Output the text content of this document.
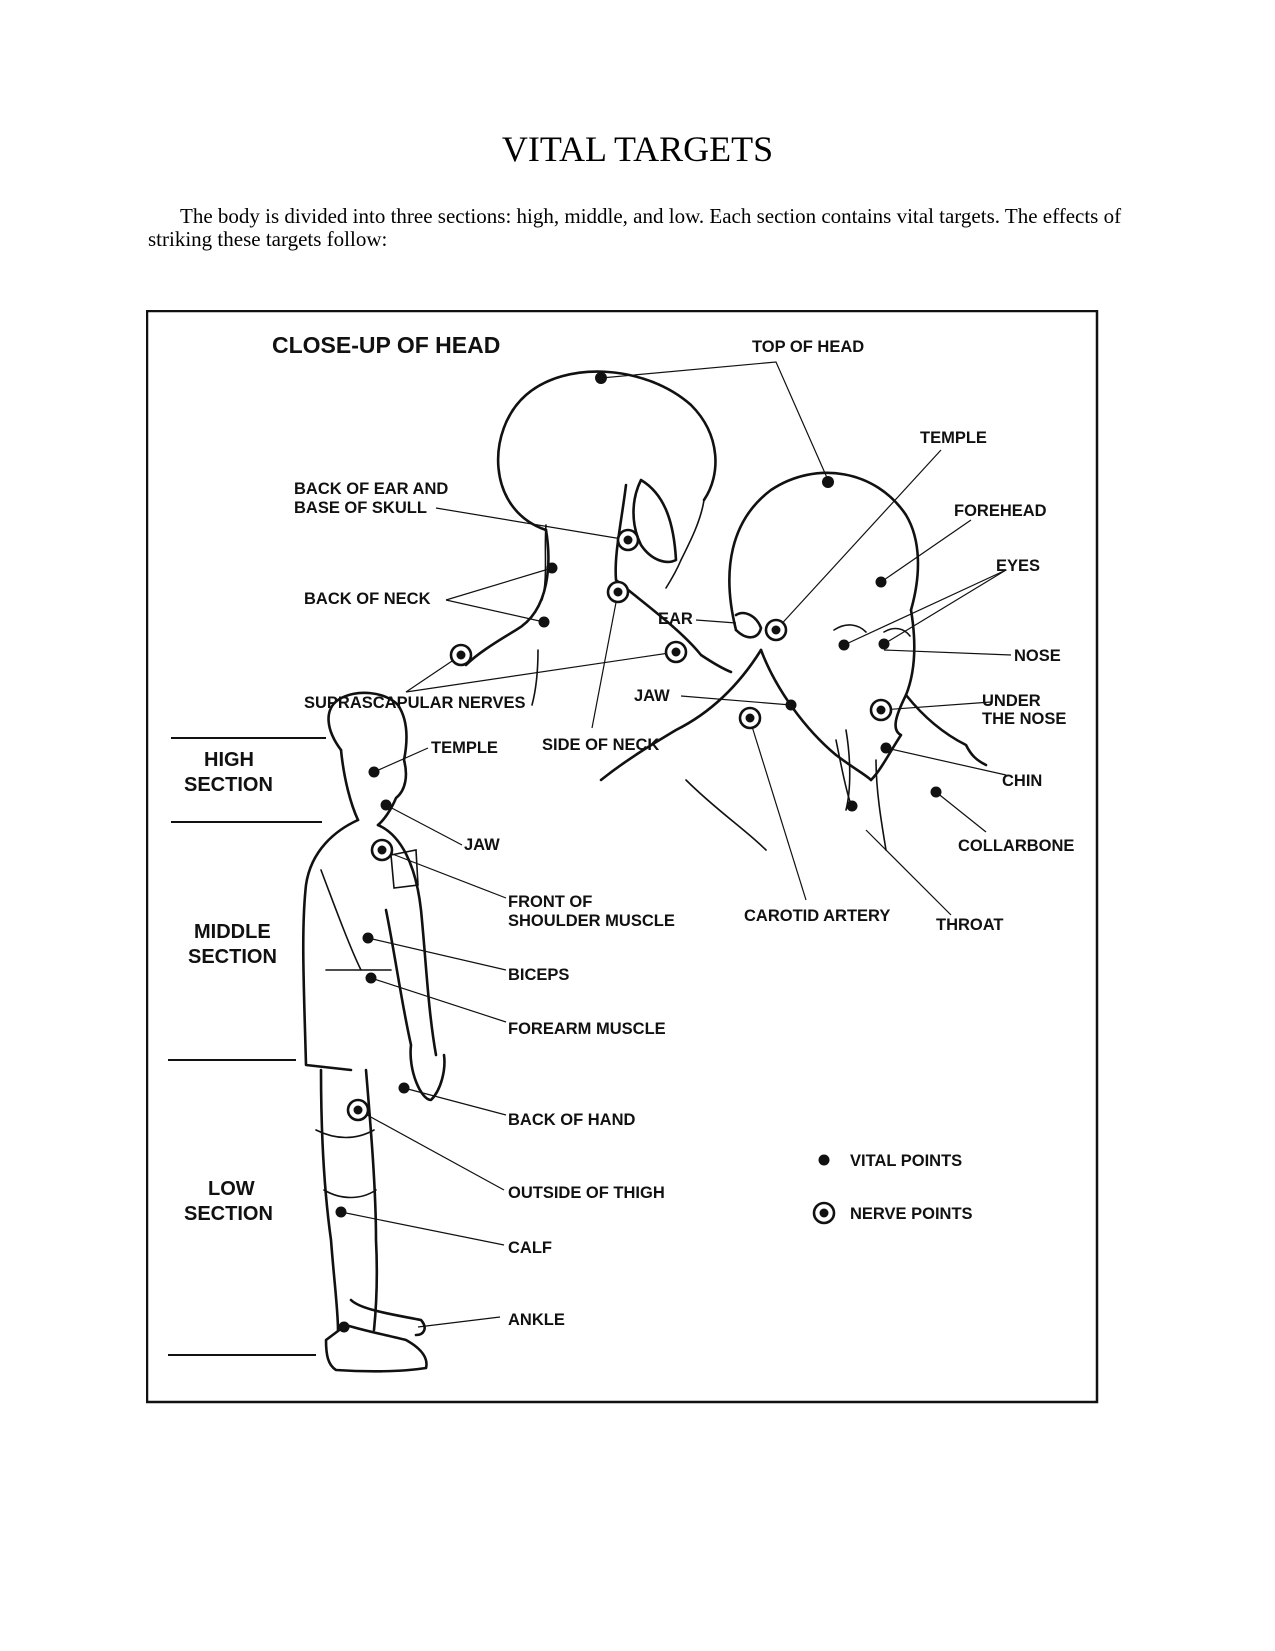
VITAL TARGETS
The body is divided into three sections: high, middle, and low. Each section contains vital targets. The effects of striking these targets follow:
CLOSE-UP OF HEAD	TOP OF HEAD
TEMPLE
FOREHEAD
EYES
NOSE
UNDER
THE NOSE
CHIN
COLLARBONE
THROAT
CAROTID ARTERY
JAW
EAR
SIDE OF NECK
BACK OF EAR AND
BASE OF SKULL
BACK OF NECK
SUPRASCAPULAR NERVES
HIGH
SECTION
MIDDLE
SECTION
LOW
SECTION
TEMPLE
JAW
FRONT OF
SHOULDER MUSCLE
BICEPS
FOREARM MUSCLE
BACK OF HAND
OUTSIDE OF THIGH
CALF
ANKLE
VITAL POINTS
NERVE POINTS
